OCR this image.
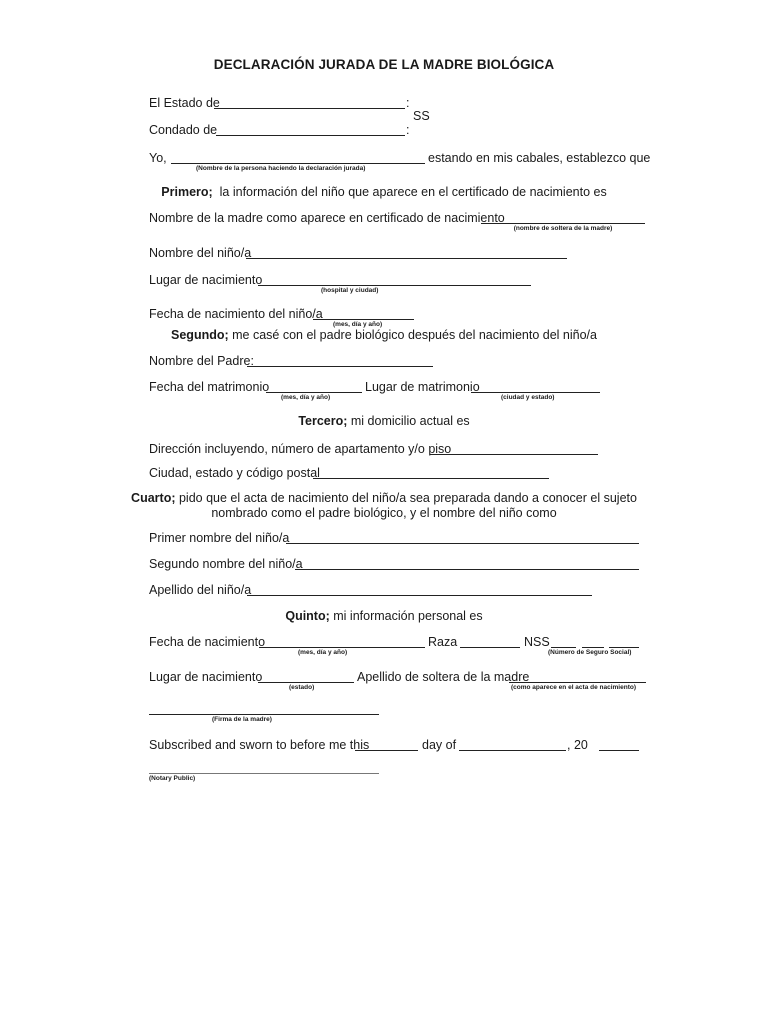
DECLARACIÓN JURADA DE LA MADRE BIOLÓGICA
El Estado de	:
SS
Condado de	:
Yo,
(Nombre de la persona haciendo la declaración jurada)
estando en mis cabales, establezco que
Primero; la información del niño que aparece en el certificado de nacimiento es
Nombre de la madre como aparece en certificado de nacimiento
(nombre de soltera de la madre)
Nombre del niño/a
Lugar de nacimiento
(hospital y ciudad)
Fecha de nacimiento del niño/a
(mes, día y año)
Segundo; me casé con el padre biológico después del nacimiento del niño/a
Nombre del Padre:
Fecha del matrimonio
(mes, día y año)
Lugar de matrimonio
(ciudad y estado)
Tercero; mi domicilio actual es
Dirección incluyendo, número de apartamento y/o piso
Ciudad, estado y código postal
Cuarto; pido que el acta de nacimiento del niño/a sea preparada dando a conocer el sujeto
nombrado como el padre biológico, y el nombre del niño como
Primer nombre del niño/a
Segundo nombre del niño/a
Apellido del niño/a
Quinto; mi información personal es
Fecha de nacimiento
(mes, día y año)
Raza	NSS
(Número de Seguro Social)
Lugar de nacimiento
(estado)
Apellido de soltera de la madre
(como aparece en el acta de nacimiento)
(Firma de la madre)
Subscribed and sworn to before me this	day of	, 20
(Notary Public)
